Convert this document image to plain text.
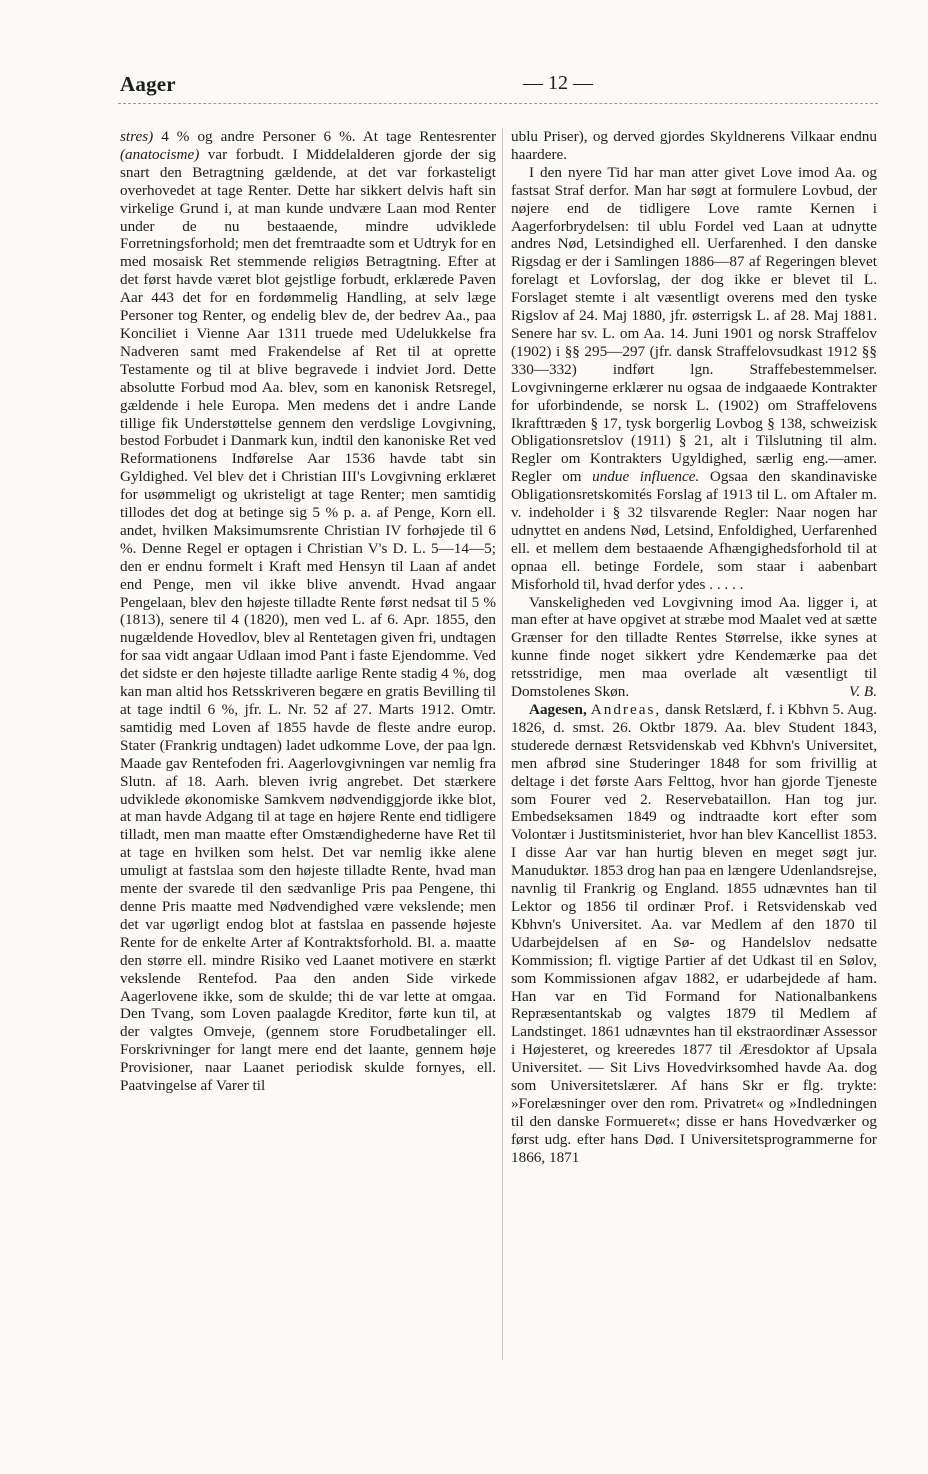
Aager	— 12 —

stres) 4 % og andre Personer 6 %. At tage Rentesrenter (anatocisme) var forbudt. I Middelalderen gjorde der sig snart den Betragtning gældende, at det var forkasteligt overhovedet at tage Renter. Dette har sikkert delvis haft sin virkelige Grund i, at man kunde undvære Laan mod Renter under de nu bestaaende, mindre udviklede Forretningsforhold; men det fremtraadte som et Udtryk for en med mosaisk Ret stemmende religiøs Betragtning. Efter at det først havde været blot gejstlige forbudt, erklærede Paven Aar 443 det for en fordømmelig Handling, at selv læge Personer tog Renter, og endelig blev de, der bedrev Aa., paa Konciliet i Vienne Aar 1311 truede med Udelukkelse fra Nadveren samt med Frakendelse af Ret til at oprette Testamente og til at blive begravede i indviet Jord. Dette absolutte Forbud mod Aa. blev, som en kanonisk Retsregel, gældende i hele Europa. Men medens det i andre Lande tillige fik Understøttelse gennem den verdslige Lovgivning, bestod Forbudet i Danmark kun, indtil den kanoniske Ret ved Reformationens Indførelse Aar 1536 havde tabt sin Gyldighed. Vel blev det i Christian III's Lovgivning erklæret for usømmeligt og ukristeligt at tage Renter; men samtidig tillodes det dog at betinge sig 5 % p. a. af Penge, Korn ell. andet, hvilken Maksimumsrente Christian IV forhøjede til 6 %. Denne Regel er optagen i Christian V's D. L. 5—14—5; den er endnu formelt i Kraft med Hensyn til Laan af andet end Penge, men vil ikke blive anvendt. Hvad angaar Pengelaan, blev den højeste tilladte Rente først nedsat til 5 % (1813), senere til 4 (1820), men ved L. af 6. Apr. 1855, den nugældende Hovedlov, blev al Rentetagen given fri, undtagen for saa vidt angaar Udlaan imod Pant i faste Ejendomme. Ved det sidste er den højeste tilladte aarlige Rente stadig 4 %, dog kan man altid hos Retsskriveren begære en gratis Bevilling til at tage indtil 6 %, jfr. L. Nr. 52 af 27. Marts 1912. Omtr. samtidig med Loven af 1855 havde de fleste andre europ. Stater (Frankrig undtagen) ladet udkomme Love, der paa lgn. Maade gav Rentefoden fri. Aagerlovgivningen var nemlig fra Slutn. af 18. Aarh. bleven ivrig angrebet. Det stærkere udviklede økonomiske Samkvem nødvendiggjorde ikke blot, at man havde Adgang til at tage en højere Rente end tidligere tilladt, men man maatte efter Omstændighederne have Ret til at tage en hvilken som helst. Det var nemlig ikke alene umuligt at fastslaa som den højeste tilladte Rente, hvad man mente der svarede til den sædvanlige Pris paa Pengene, thi denne Pris maatte med Nødvendighed være vekslende; men det var ugørligt endog blot at fastslaa en passende højeste Rente for de enkelte Arter af Kontraktsforhold. Bl. a. maatte den større ell. mindre Risiko ved Laanet motivere en stærkt vekslende Rentefod. Paa den anden Side virkede Aagerlovene ikke, som de skulde; thi de var lette at omgaa. Den Tvang, som Loven paalagde Kreditor, førte kun til, at der valgtes Omveje, (gennem store Forudbetalinger ell. Forskrivninger for langt mere end det laante, gennem høje Provisioner, naar Laanet periodisk skulde fornyes, ell. Paatvingelse af Varer til

ublu Priser), og derved gjordes Skyldnerens Vilkaar endnu haardere.

I den nyere Tid har man atter givet Love imod Aa. og fastsat Straf derfor. Man har søgt at formulere Lovbud, der nøjere end de tidligere Love ramte Kernen i Aagerforbrydelsen: til ublu Fordel ved Laan at udnytte andres Nød, Letsindighed ell. Uerfarenhed. I den danske Rigsdag er der i Samlingen 1886—87 af Regeringen blevet forelagt et Lovforslag, der dog ikke er blevet til L. Forslaget stemte i alt væsentligt overens med den tyske Rigslov af 24. Maj 1880, jfr. østerrigsk L. af 28. Maj 1881. Senere har sv. L. om Aa. 14. Juni 1901 og norsk Straffelov (1902) i §§ 295—297 (jfr. dansk Straffelovsudkast 1912 §§ 330—332) indført lgn. Straffebestemmelser. Lovgivningerne erklærer nu ogsaa de indgaaede Kontrakter for uforbindende, se norsk L. (1902) om Straffelovens Ikrafttræden § 17, tysk borgerlig Lovbog § 138, schweizisk Obligationsretslov (1911) § 21, alt i Tilslutning til alm. Regler om Kontrakters Ugyldighed, særlig eng.—amer. Regler om undue influence. Ogsaa den skandinaviske Obligationsretskomités Forslag af 1913 til L. om Aftaler m. v. indeholder i § 32 tilsvarende Regler: Naar nogen har udnyttet en andens Nød, Letsind, Enfoldighed, Uerfarenhed ell. et mellem dem bestaaende Afhængighedsforhold til at opnaa ell. betinge Fordele, som staar i aabenbart Misforhold til, hvad derfor ydes . . . . .

Vanskeligheden ved Lovgivning imod Aa. ligger i, at man efter at have opgivet at stræbe mod Maalet ved at sætte Grænser for den tilladte Rentes Størrelse, ikke synes at kunne finde noget sikkert ydre Kendemærke paa det retsstridige, men maa overlade alt væsentligt til Domstolenes Skøn.	V. B.

Aagesen, Andreas, dansk Retslærd, f. i Kbhvn 5. Aug. 1826, d. smst. 26. Oktbr 1879. Aa. blev Student 1843, studerede dernæst Retsvidenskab ved Kbhvn's Universitet, men afbrød sine Studeringer 1848 for som frivillig at deltage i det første Aars Felttog, hvor han gjorde Tjeneste som Fourer ved 2. Reservebataillon. Han tog jur. Embedseksamen 1849 og indtraadte kort efter som Volontær i Justitsministeriet, hvor han blev Kancellist 1853. I disse Aar var han hurtig bleven en meget søgt jur. Manuduktør. 1853 drog han paa en længere Udenlandsrejse, navnlig til Frankrig og England. 1855 udnævntes han til Lektor og 1856 til ordinær Prof. i Retsvidenskab ved Kbhvn's Universitet. Aa. var Medlem af den 1870 til Udarbejdelsen af en Sø- og Handelslov nedsatte Kommission; fl. vigtige Partier af det Udkast til en Sølov, som Kommissionen afgav 1882, er udarbejdede af ham. Han var en Tid Formand for Nationalbankens Repræsentantskab og valgtes 1879 til Medlem af Landstinget. 1861 udnævntes han til ekstraordinær Assessor i Højesteret, og kreeredes 1877 til Æresdoktor af Upsala Universitet. — Sit Livs Hovedvirksomhed havde Aa. dog som Universitetslærer. Af hans Skr er flg. trykte: »Forelæsninger over den rom. Privatret« og »Indledningen til den danske Formueret«; disse er hans Hovedværker og først udg. efter hans Død. I Universitetsprogrammerne for 1866, 1871
